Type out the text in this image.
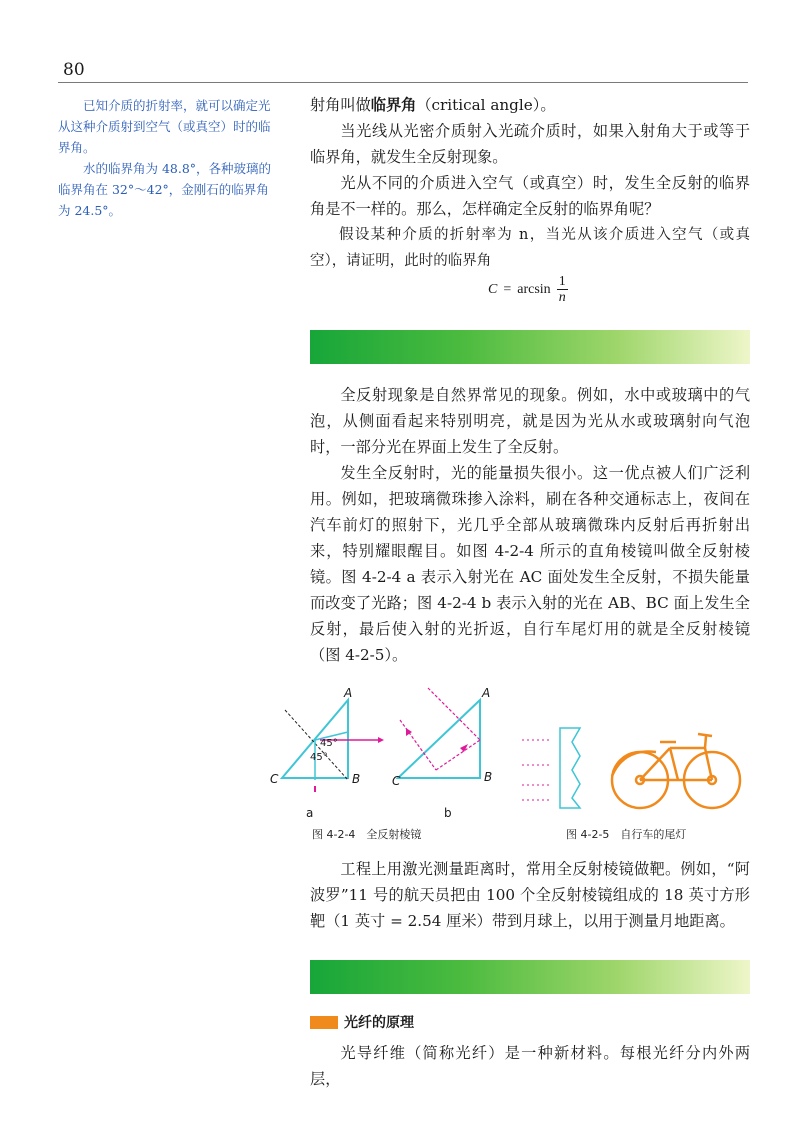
80

已知介质的折射率，就可以确定光从这种介质射到空气（或真空）时的临界角。

水的临界角为 48.8°，各种玻璃的临界角在 32°～42°，金刚石的临界角为 24.5°。

射角叫做临界角（critical angle）。

当光线从光密介质射入光疏介质时，如果入射角大于或等于临界角，就发生全反射现象。

光从不同的介质进入空气（或真空）时，发生全反射的临界角是不一样的。那么，怎样确定全反射的临界角呢？

假设某种介质的折射率为 n，当光从该介质进入空气（或真空），请证明，此时的临界角

$C = \arcsin \frac{1}{n}$

全反射现象是自然界常见的现象。例如，水中或玻璃中的气泡，从侧面看起来特别明亮，就是因为光从水或玻璃射向气泡时，一部分光在界面上发生了全反射。

发生全反射时，光的能量损失很小。这一优点被人们广泛利用。例如，把玻璃微珠掺入涂料，刷在各种交通标志上，夜间在汽车前灯的照射下，光几乎全部从玻璃微珠内反射后再折射出来，特别耀眼醒目。如图 4-2-4 所示的直角棱镜叫做全反射棱镜。图 4-2-4 a 表示入射光在 AC 面处发生全反射，不损失能量而改变了光路；图 4-2-4 b 表示入射的光在 AB、BC 面上发生全反射，最后使入射的光折返，自行车尾灯用的就是全反射棱镜（图 4-2-5）。

A
B
C
45°
45°
A
B
C
a	b
图 4-2-4　全反射棱镜	图 4-2-5　自行车的尾灯

工程上用激光测量距离时，常用全反射棱镜做靶。例如，“阿波罗”11 号的航天员把由 100 个全反射棱镜组成的 18 英寸方形靶（1 英寸 = 2.54 厘米）带到月球上，以用于测量月地距离。

光纤的原理

光导纤维（简称光纤）是一种新材料。每根光纤分内外两层，
